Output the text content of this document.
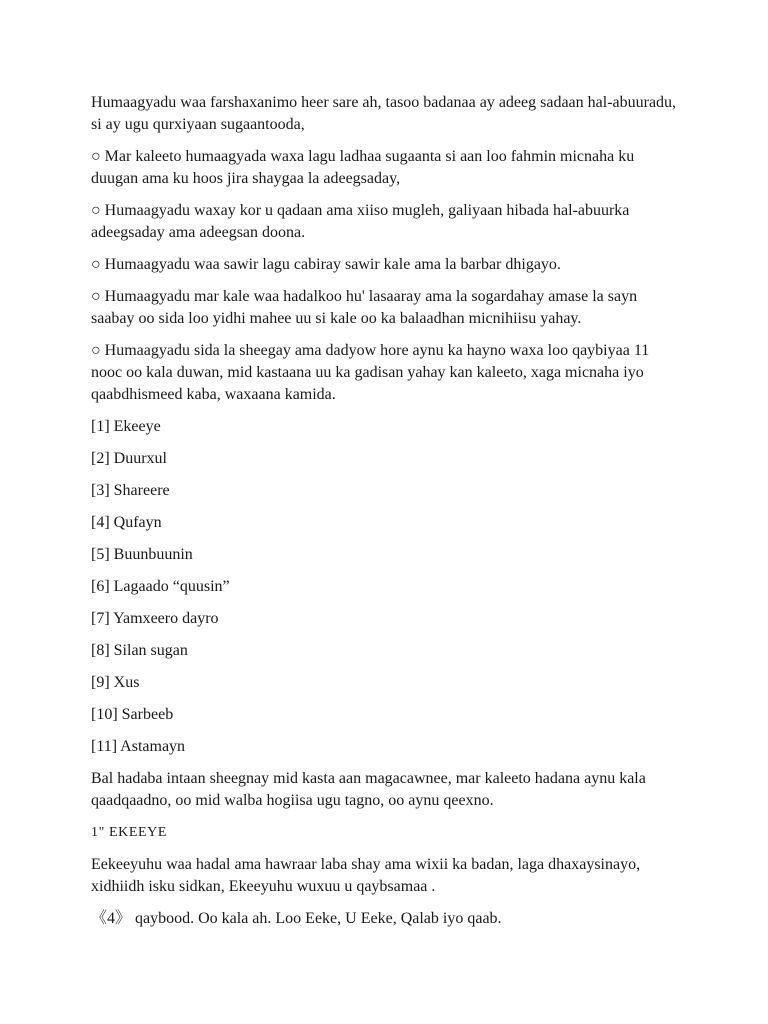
Humaagyadu waa farshaxanimo heer sare ah, tasoo badanaa ay adeeg sadaan hal-abuuradu, si ay ugu qurxiyaan sugaantooda,

○ Mar kaleeto humaagyada waxa lagu ladhaa sugaanta si aan loo fahmin micnaha ku duugan ama ku hoos jira shaygaa la adeegsaday,

○ Humaagyadu waxay kor u qadaan ama xiiso mugleh, galiyaan hibada hal-abuurka adeegsaday ama adeegsan doona.

○ Humaagyadu waa sawir lagu cabiray sawir kale ama la barbar dhigayo.

○ Humaagyadu mar kale waa hadalkoo hu' lasaaray ama la sogardahay amase la sayn saabay oo sida loo yidhi mahee uu si kale oo ka balaadhan micnihiisu yahay.

○ Humaagyadu sida la sheegay ama dadyow hore aynu ka hayno waxa loo qaybiyaa 11 nooc oo kala duwan, mid kastaana uu ka gadisan yahay kan kaleeto, xaga micnaha iyo qaabdhismeed kaba, waxaana kamida.

[1] Ekeeye

[2] Duurxul

[3] Shareere

[4] Qufayn

[5] Buunbuunin

[6] Lagaado “quusin”

[7] Yamxeero dayro

[8] Silan sugan

[9] Xus

[10] Sarbeeb

[11] Astamayn

Bal hadaba intaan sheegnay mid kasta aan magacawnee, mar kaleeto hadana aynu kala qaadqaadno, oo mid walba hogiisa ugu tagno, oo aynu qeexno.

1" EKEEYE

Eekeeyuhu waa hadal ama hawraar laba shay ama wixii ka badan, laga dhaxaysinayo, xidhiidh isku sidkan, Ekeeyuhu wuxuu u qaybsamaa .

《4》 qaybood. Oo kala ah. Loo Eeke, U Eeke, Qalab iyo qaab.
